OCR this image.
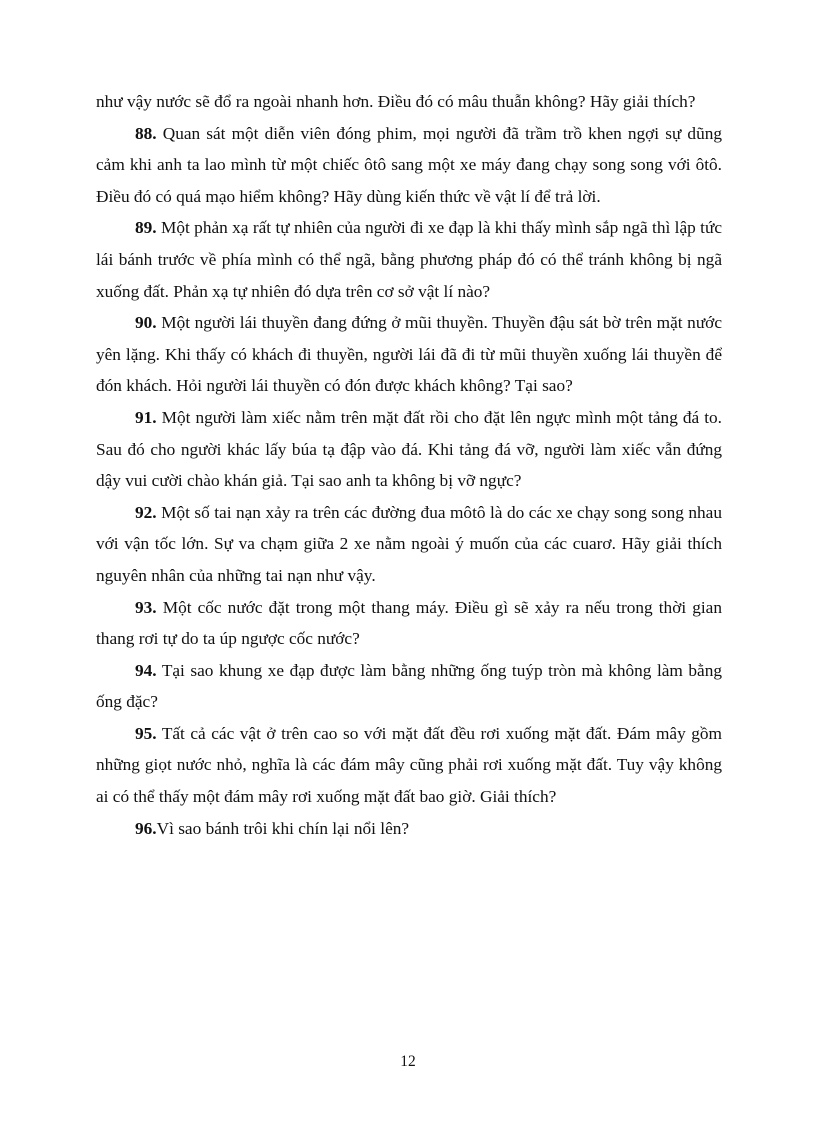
như vậy nước sẽ đổ ra ngoài nhanh hơn. Điều đó có mâu thuẫn không? Hãy giải thích?

88. Quan sát một diễn viên đóng phim, mọi người đã trầm trồ khen ngợi sự dũng cảm khi anh ta lao mình từ một chiếc ôtô sang một xe máy đang chạy song song với ôtô. Điều đó có quá mạo hiểm không? Hãy dùng kiến thức về vật lí để trả lời.

89. Một phản xạ rất tự nhiên của người đi xe đạp là khi thấy mình sắp ngã thì lập tức lái bánh trước về phía mình có thể ngã, bằng phương pháp đó có thể tránh không bị ngã xuống đất. Phản xạ tự nhiên đó dựa trên cơ sở vật lí nào?

90. Một người lái thuyền đang đứng ở mũi thuyền. Thuyền đậu sát bờ trên mặt nước yên lặng. Khi thấy có khách đi thuyền, người lái đã đi từ mũi thuyền xuống lái thuyền để đón khách. Hỏi người lái thuyền có đón được khách không? Tại sao?

91. Một người làm xiếc nằm trên mặt đất rồi cho đặt lên ngực mình một tảng đá to. Sau đó cho người khác lấy búa tạ đập vào đá. Khi tảng đá vỡ, người làm xiếc vẫn đứng dậy vui cười chào khán giả. Tại sao anh ta không bị vỡ ngực?

92. Một số tai nạn xảy ra trên các đường đua môtô là do các xe chạy song song nhau với vận tốc lớn. Sự va chạm giữa 2 xe nằm ngoài ý muốn của các cuarơ. Hãy giải thích nguyên nhân của những tai nạn như vậy.

93. Một cốc nước đặt trong một thang máy. Điều gì sẽ xảy ra nếu trong thời gian thang rơi tự do ta úp ngược cốc nước?

94. Tại sao khung xe đạp được làm bằng những ống tuýp tròn mà không làm bằng ống đặc?

95. Tất cả các vật ở trên cao so với mặt đất đều rơi xuống mặt đất. Đám mây gồm những giọt nước nhỏ, nghĩa là các đám mây cũng phải rơi xuống mặt đất. Tuy vậy không ai có thể thấy một đám mây rơi xuống mặt đất bao giờ. Giải thích?

96.Vì sao bánh trôi khi chín lại nổi lên?

12
